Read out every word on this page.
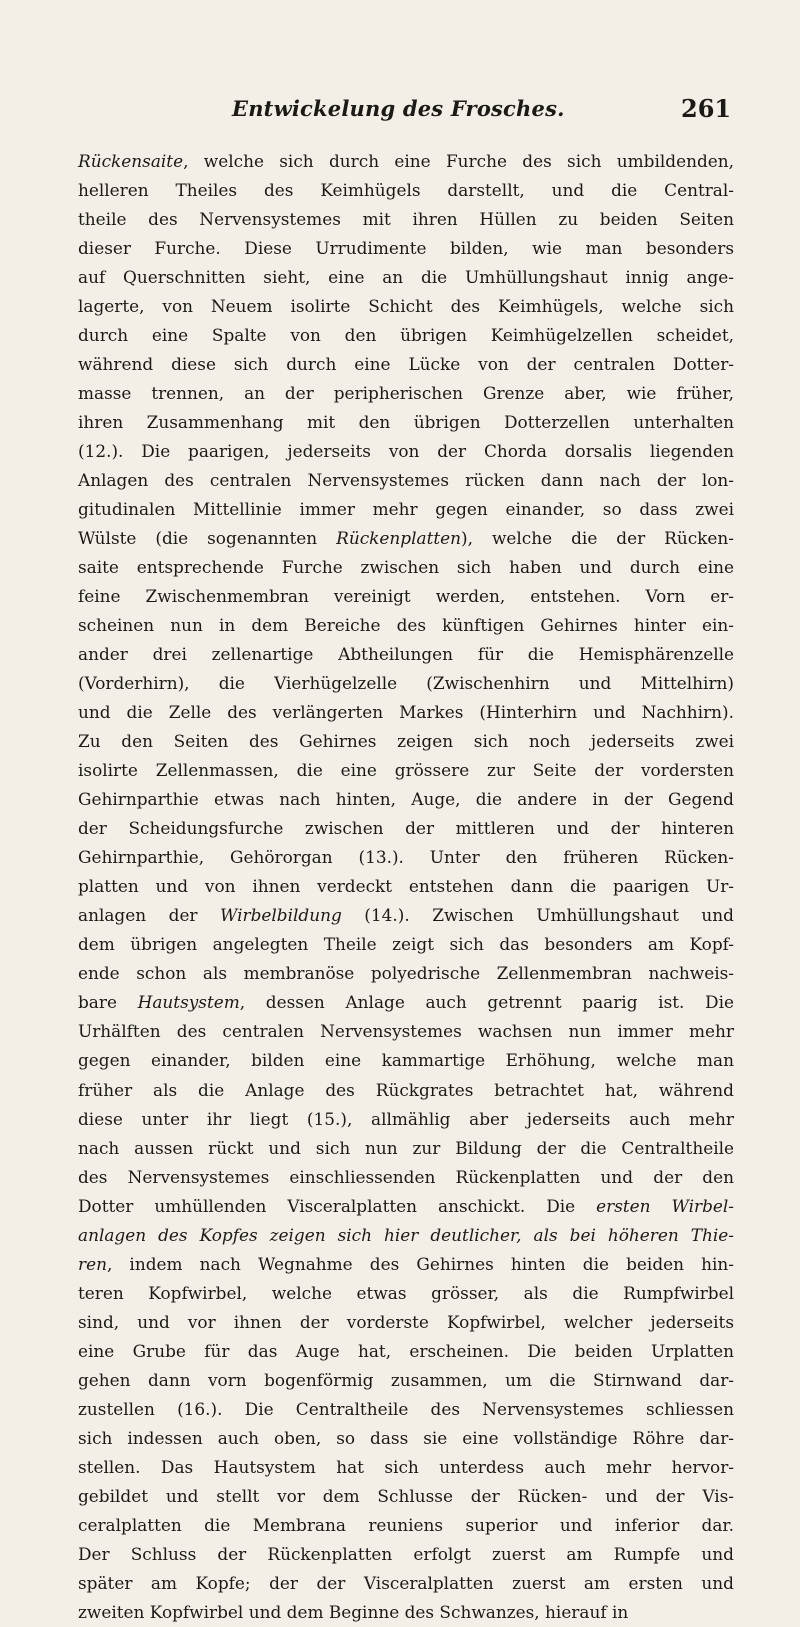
Entwickelung des Frosches.	261
Rückensaite, welche sich durch eine Furche des sich umbildenden,
helleren Theiles des Keimhügels darstellt, und die Central-
theile des Nervensystemes mit ihren Hüllen zu beiden Seiten
dieser Furche. Diese Urrudimente bilden, wie man besonders
auf Querschnitten sieht, eine an die Umhüllungshaut innig ange-
lagerte, von Neuem isolirte Schicht des Keimhügels, welche sich
durch eine Spalte von den übrigen Keimhügelzellen scheidet,
während diese sich durch eine Lücke von der centralen Dotter-
masse trennen, an der peripherischen Grenze aber, wie früher,
ihren Zusammenhang mit den übrigen Dotterzellen unterhalten
(12.). Die paarigen, jederseits von der Chorda dorsalis liegenden
Anlagen des centralen Nervensystemes rücken dann nach der lon-
gitudinalen Mittellinie immer mehr gegen einander, so dass zwei
Wülste (die sogenannten Rückenplatten), welche die der Rücken-
saite entsprechende Furche zwischen sich haben und durch eine
feine Zwischenmembran vereinigt werden, entstehen. Vorn er-
scheinen nun in dem Bereiche des künftigen Gehirnes hinter ein-
ander drei zellenartige Abtheilungen für die Hemisphärenzelle
(Vorderhirn), die Vierhügelzelle (Zwischenhirn und Mittelhirn)
und die Zelle des verlängerten Markes (Hinterhirn und Nachhirn).
Zu den Seiten des Gehirnes zeigen sich noch jederseits zwei
isolirte Zellenmassen, die eine grössere zur Seite der vordersten
Gehirnparthie etwas nach hinten, Auge, die andere in der Gegend
der Scheidungsfurche zwischen der mittleren und der hinteren
Gehirnparthie, Gehörorgan (13.). Unter den früheren Rücken-
platten und von ihnen verdeckt entstehen dann die paarigen Ur-
anlagen der Wirbelbildung (14.). Zwischen Umhüllungshaut und
dem übrigen angelegten Theile zeigt sich das besonders am Kopf-
ende schon als membranöse polyedrische Zellenmembran nachweis-
bare Hautsystem, dessen Anlage auch getrennt paarig ist. Die
Urhälften des centralen Nervensystemes wachsen nun immer mehr
gegen einander, bilden eine kammartige Erhöhung, welche man
früher als die Anlage des Rückgrates betrachtet hat, während
diese unter ihr liegt (15.), allmählig aber jederseits auch mehr
nach aussen rückt und sich nun zur Bildung der die Centraltheile
des Nervensystemes einschliessenden Rückenplatten und der den
Dotter umhüllenden Visceralplatten anschickt. Die ersten Wirbel-
anlagen des Kopfes zeigen sich hier deutlicher, als bei höheren Thie-
ren, indem nach Wegnahme des Gehirnes hinten die beiden hin-
teren Kopfwirbel, welche etwas grösser, als die Rumpfwirbel
sind, und vor ihnen der vorderste Kopfwirbel, welcher jederseits
eine Grube für das Auge hat, erscheinen. Die beiden Urplatten
gehen dann vorn bogenförmig zusammen, um die Stirnwand dar-
zustellen (16.). Die Centraltheile des Nervensystemes schliessen
sich indessen auch oben, so dass sie eine vollständige Röhre dar-
stellen. Das Hautsystem hat sich unterdess auch mehr hervor-
gebildet und stellt vor dem Schlusse der Rücken- und der Vis-
ceralplatten die Membrana reuniens superior und inferior dar.
Der Schluss der Rückenplatten erfolgt zuerst am Rumpfe und
später am Kopfe; der der Visceralplatten zuerst am ersten und
zweiten Kopfwirbel und dem Beginne des Schwanzes, hierauf in
